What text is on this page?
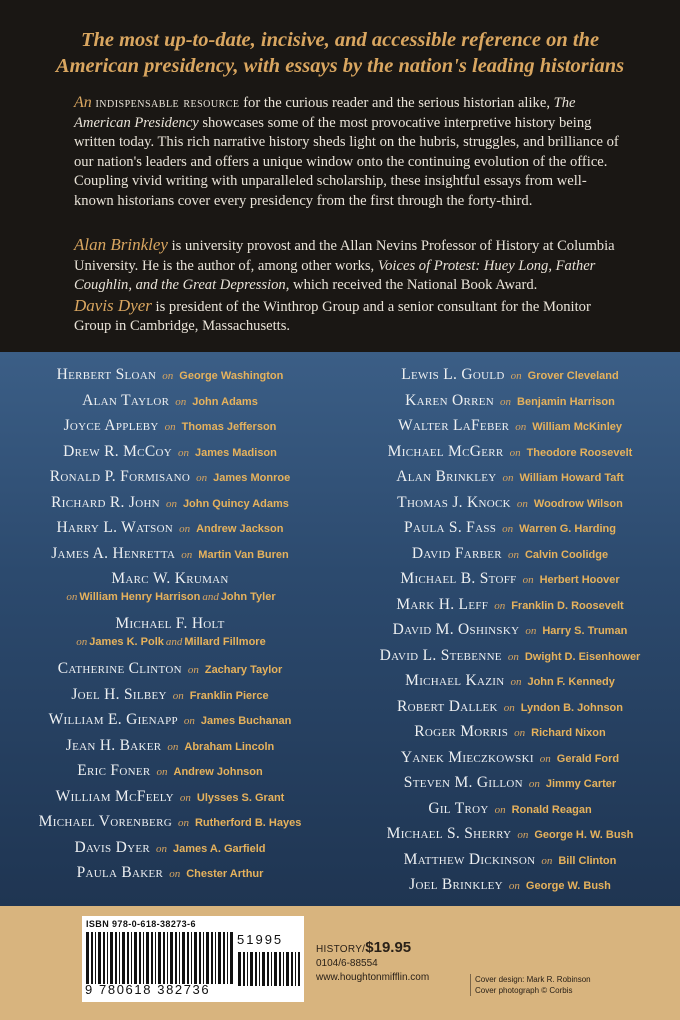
The most up-to-date, incisive, and accessible reference on the
American presidency, with essays by the nation's leading historians

An indispensable resource for the curious reader and the serious historian alike, The American Presidency showcases some of the most provocative interpretive history being written today. This rich narrative history sheds light on the hubris, struggles, and brilliance of our nation's leaders and offers a unique window onto the continuing evolution of the office. Coupling vivid writing with unparalleled scholarship, these insightful essays from well-known historians cover every presidency from the first through the forty-third.

Alan Brinkley is university provost and the Allan Nevins Professor of History at Columbia University. He is the author of, among other works, Voices of Protest: Huey Long, Father Coughlin, and the Great Depression, which received the National Book Award.
Davis Dyer is president of the Winthrop Group and a senior consultant for the Monitor Group in Cambridge, Massachusetts.

Herbert Sloan on George Washington
Alan Taylor on John Adams
Joyce Appleby on Thomas Jefferson
Drew R. McCoy on James Madison
Ronald P. Formisano on James Monroe
Richard R. John on John Quincy Adams
Harry L. Watson on Andrew Jackson
James A. Henretta on Martin Van Buren
Marc W. Kruman
on William Henry Harrison and John Tyler
Michael F. Holt
on James K. Polk and Millard Fillmore
Catherine Clinton on Zachary Taylor
Joel H. Silbey on Franklin Pierce
William E. Gienapp on James Buchanan
Jean H. Baker on Abraham Lincoln
Eric Foner on Andrew Johnson
William McFeely on Ulysses S. Grant
Michael Vorenberg on Rutherford B. Hayes
Davis Dyer on James A. Garfield
Paula Baker on Chester Arthur
Lewis L. Gould on Grover Cleveland
Karen Orren on Benjamin Harrison
Walter LaFeber on William McKinley
Michael McGerr on Theodore Roosevelt
Alan Brinkley on William Howard Taft
Thomas J. Knock on Woodrow Wilson
Paula S. Fass on Warren G. Harding
David Farber on Calvin Coolidge
Michael B. Stoff on Herbert Hoover
Mark H. Leff on Franklin D. Roosevelt
David M. Oshinsky on Harry S. Truman
David L. Stebenne on Dwight D. Eisenhower
Michael Kazin on John F. Kennedy
Robert Dallek on Lyndon B. Johnson
Roger Morris on Richard Nixon
Yanek Mieczkowski on Gerald Ford
Steven M. Gillon on Jimmy Carter
Gil Troy on Ronald Reagan
Michael S. Sherry on George H. W. Bush
Matthew Dickinson on Bill Clinton
Joel Brinkley on George W. Bush
ISBN 978-0-618-38273-6
51995
9 780618 382736
HISTORY/$19.95
0104/6-88554
www.houghtonmifflin.com	Cover design: Mark R. Robinson
Cover photograph © Corbis
